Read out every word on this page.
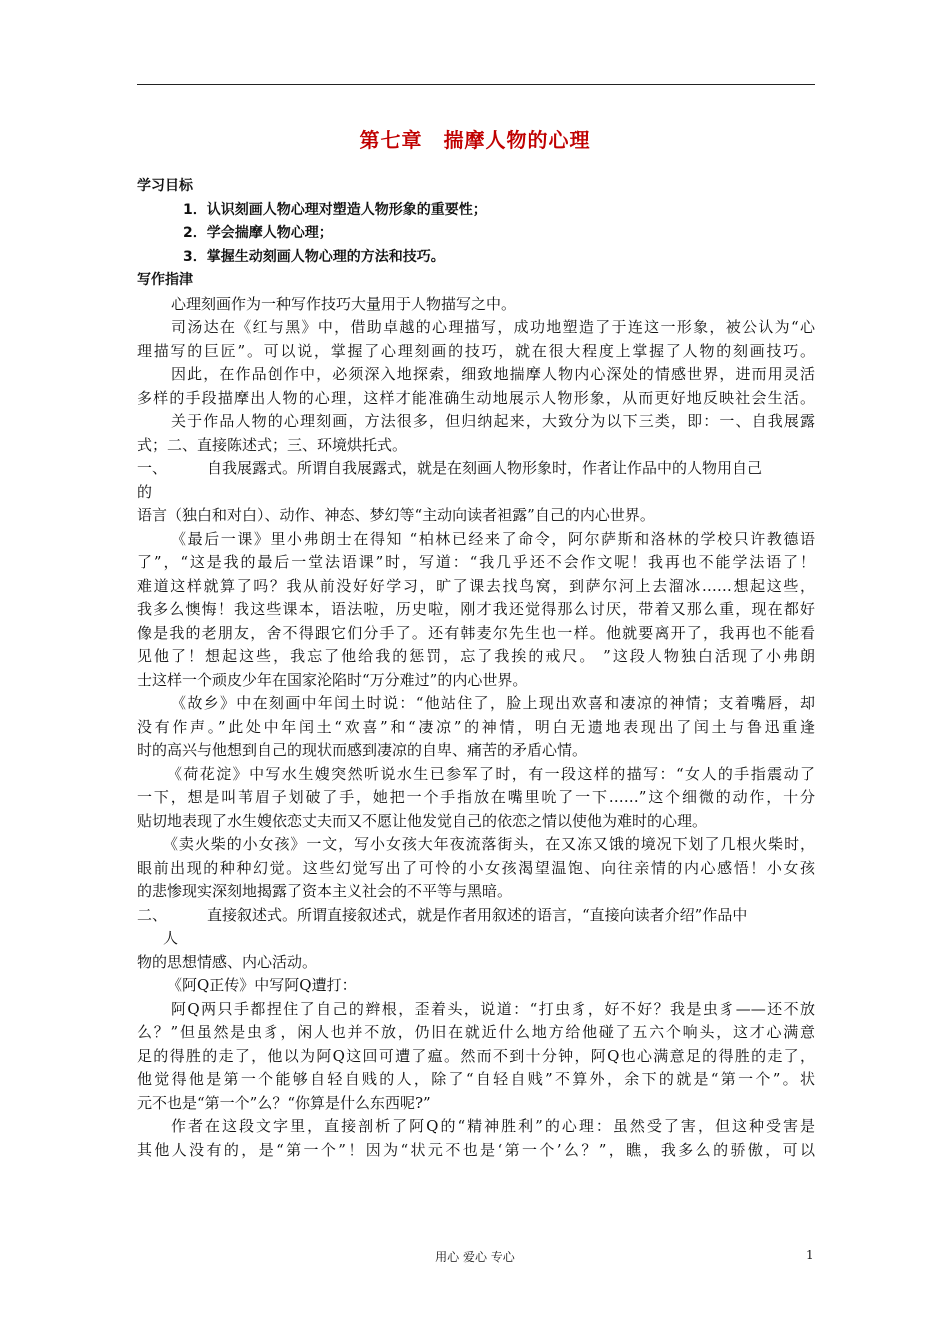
第七章　揣摩人物的心理
学习目标
1．认识刻画人物心理对塑造人物形象的重要性；
2．学会揣摩人物心理；
3．掌握生动刻画人物心理的方法和技巧。
写作指津
心理刻画作为一种写作技巧大量用于人物描写之中。
司汤达在《红与黑》中，借助卓越的心理描写，成功地塑造了于连这一形象，被公认为“心
理描写的巨匠”。可以说，掌握了心理刻画的技巧，就在很大程度上掌握了人物的刻画技巧。
因此，在作品创作中，必须深入地探索，细致地揣摩人物内心深处的情感世界，进而用灵活
多样的手段描摩出人物的心理，这样才能准确生动地展示人物形象，从而更好地反映社会生活。
关于作品人物的心理刻画，方法很多，但归纳起来，大致分为以下三类，即：一、自我展露
式；二、直接陈述式；三、环境烘托式。
一、	自我展露式。所谓自我展露式，就是在刻画人物形象时，作者让作品中的人物用自己
的
语言（独白和对白）、动作、神态、梦幻等“主动向读者袒露”自己的内心世界。
《最后一课》里小弗朗士在得知 “柏林已经来了命令，阿尔萨斯和洛林的学校只许教德语
了”，“这是我的最后一堂法语课”时，写道：“我几乎还不会作文呢！我再也不能学法语了！
难道这样就算了吗？我从前没好好学习，旷了课去找鸟窝，到萨尔河上去溜冰……想起这些，
我多么懊悔！我这些课本，语法啦，历史啦，刚才我还觉得那么讨厌，带着又那么重，现在都好
像是我的老朋友，舍不得跟它们分手了。还有韩麦尔先生也一样。他就要离开了，我再也不能看
见他了！想起这些，我忘了他给我的惩罚，忘了我挨的戒尺。 ”这段人物独白活现了小弗朗
士这样一个顽皮少年在国家沦陷时“万分难过”的内心世界。
《故乡》中在刻画中年闰土时说：“他站住了，脸上现出欢喜和凄凉的神情；支着嘴唇，却
没有作声。”此处中年闰土“欢喜”和“凄凉”的神情，明白无遗地表现出了闰土与鲁迅重逢
时的高兴与他想到自己的现状而感到凄凉的自卑、痛苦的矛盾心情。
《荷花淀》中写水生嫂突然听说水生已参军了时，有一段这样的描写：“女人的手指震动了
一下，想是叫苇眉子划破了手，她把一个手指放在嘴里吮了一下……”这个细微的动作，十分
贴切地表现了水生嫂依恋丈夫而又不愿让他发觉自己的依恋之情以使他为难时的心理。
《卖火柴的小女孩》一文，写小女孩大年夜流落街头，在又冻又饿的境况下划了几根火柴时，
眼前出现的种种幻觉。这些幻觉写出了可怜的小女孩渴望温饱、向往亲情的内心感悟！小女孩
的悲惨现实深刻地揭露了资本主义社会的不平等与黑暗。
二、	直接叙述式。所谓直接叙述式，就是作者用叙述的语言，“直接向读者介绍”作品中
人
物的思想情感、内心活动。
《阿Q正传》中写阿Q遭打：
阿Q两只手都捏住了自己的辫根，歪着头，说道：“打虫豸，好不好？我是虫豸——还不放
么？”但虽然是虫豸，闲人也并不放，仍旧在就近什么地方给他碰了五六个响头，这才心满意
足的得胜的走了，他以为阿Q这回可遭了瘟。然而不到十分钟，阿Q也心满意足的得胜的走了，
他觉得他是第一个能够自轻自贱的人，除了“自轻自贱”不算外，余下的就是“第一个”。状
元不也是“第一个”么？“你算是什么东西呢?”
作者在这段文字里，直接剖析了阿Q的“精神胜利”的心理：虽然受了害，但这种受害是
其他人没有的，是“第一个”！因为“状元不也是‘第一个’么？”，瞧，我多么的骄傲，可以
用心 爱心 专心	1
